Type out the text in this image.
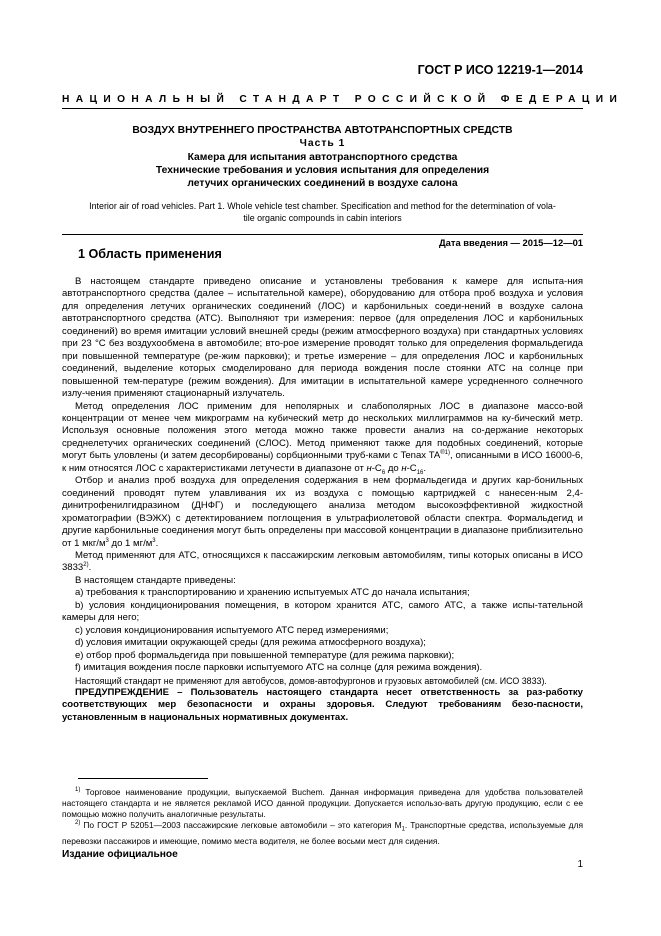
ГОСТ Р ИСО 12219-1—2014
НАЦИОНАЛЬНЫЙ СТАНДАРТ РОССИЙСКОЙ ФЕДЕРАЦИИ
ВОЗДУХ ВНУТРЕННЕГО ПРОСТРАНСТВА АВТОТРАНСПОРТНЫХ СРЕДСТВ
Часть 1
Камера для испытания автотранспортного средства
Технические требования и условия испытания для определения
летучих органических соединений в воздухе салона
Interior air of road vehicles. Part 1. Whole vehicle test chamber. Specification and method for the determination of vola-
tile organic compounds in cabin interiors
Дата введения — 2015—12—01
1 Область применения

В настоящем стандарте приведено описание и установлены требования к камере для испыта-ния автотранспортного средства (далее – испытательной камере), оборудованию для отбора проб воздуха и условия для определения летучих органических соединений (ЛОС) и карбонильных соеди-нений в воздухе салона автотранспортного средства (АТС). Выполняют три измерения: первое (для определения ЛОС и карбонильных соединений) во время имитации условий внешней среды (режим атмосферного воздуха) при стандартных условиях при 23 °С без воздухообмена в автомобиле; вто-рое измерение проводят только для определения формальдегида при повышенной температуре (ре-жим парковки); и третье измерение – для определения ЛОС и карбонильных соединений, выделение которых смоделировано для периода вождения после стоянки АТС на солнце при повышенной тем-пературе (режим вождения). Для имитации в испытательной камере усредненного солнечного излу-чения применяют стационарный излучатель.

Метод определения ЛОС применим для неполярных и слабополярных ЛОС в диапазоне массо-вой концентрации от менее чем микрограмм на кубический метр до нескольких миллиграммов на ку-бический метр. Используя основные положения этого метода можно также провести анализ на со-держание некоторых среднелетучих органических соединений (СЛОС). Метод применяют также для подобных соединений, которые могут быть уловлены (и затем десорбированы) сорбционными труб-ками с Tenax $TA^{®1)}$, описанными в ИСО 16000-6, к ним относятся ЛОС с характеристиками летучести в диапазоне от $н-C_6$ до $н-C_{16}$.

Отбор и анализ проб воздуха для определения содержания в нем формальдегида и других кар-бонильных соединений проводят путем улавливания их из воздуха с помощью картриджей с нанесен-ным 2,4-динитрофенилгидразином (ДНФГ) и последующего анализа методом высокоэффективной жидкостной хроматографии (ВЭЖХ) с детектированием поглощения в ультрафиолетовой области спектра. Формальдегид и другие карбонильные соединения могут быть определены при массовой концентрации в диапазоне приблизительно от 1 мкг/$м^3$ до 1 $мг/м^3$.

Метод применяют для АТС, относящихся к пассажирским легковым автомобилям, типы которых описаны в ИСО 3833$^{2)}$.

В настоящем стандарте приведены:

а) требования к транспортированию и хранению испытуемых АТС до начала испытания;

b) условия кондиционирования помещения, в котором хранится АТС, самого АТС, а также испы-тательной камеры для него;

c) условия кондиционирования испытуемого АТС перед измерениями;

d) условия имитации окружающей среды (для режима атмосферного воздуха);

e) отбор проб формальдегида при повышенной температуре (для режима парковки);

f) имитация вождения после парковки испытуемого АТС на солнце (для режима вождения).

Настоящий стандарт не применяют для автобусов, домов-автофургонов и грузовых автомобилей (см. ИСО 3833).

ПРЕДУПРЕЖДЕНИЕ – Пользователь настоящего стандарта несет ответственность за раз-работку соответствующих мер безопасности и охраны здоровья. Следуют требованиям безо-пасности, установленным в национальных нормативных документах.

$^{1)}$ Торговое наименование продукции, выпускаемой Buchem. Данная информация приведена для удобства пользователей настоящего стандарта и не является рекламой ИСО данной продукции. Допускается использо-вать другую продукцию, если с ее помощью можно получить аналогичные результаты.

$^{2)}$ По ГОСТ Р 52051—2003 пассажирские легковые автомобили – это категория $М_1$. Транспортные средства, используемые для перевозки пассажиров и имеющие, помимо места водителя, не более восьми мест для сидения.

Издание официальное
1
